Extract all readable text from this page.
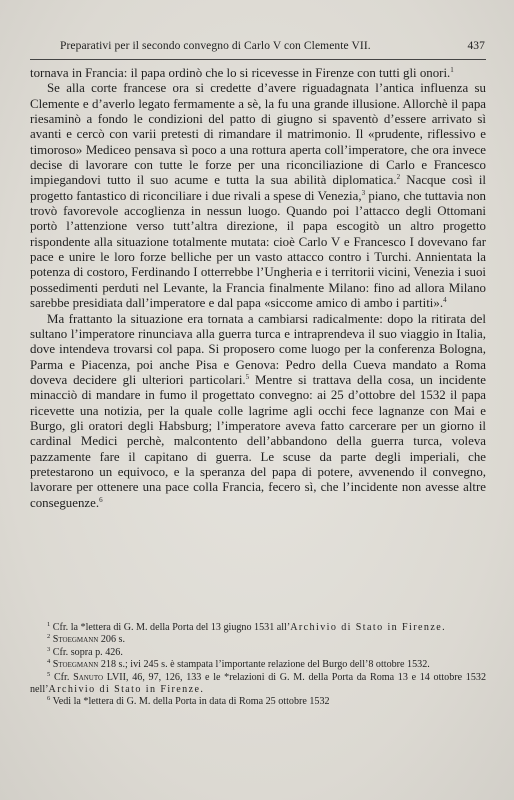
Preparativi per il secondo convegno di Carlo V con Clemente VII.	437

tornava in Francia: il papa ordinò che lo si ricevesse in Firenze con tutti gli onori.$^1$

Se alla corte francese ora si credette d’avere riguadagnata l’antica influenza su Clemente e d’averlo legato fermamente a sè, la fu una grande illusione. Allorchè il papa riesaminò a fondo le condizioni del patto di giugno si spaventò d’essere arrivato sì avanti e cercò con varii pretesti di rimandare il matrimonio. Il «prudente, riflessivo e timoroso» Mediceo pensava sì poco a una rottura aperta coll’imperatore, che ora invece decise di lavorare con tutte le forze per una riconciliazione di Carlo e Francesco impiegandovi tutto il suo acume e tutta la sua abilità diplomatica.$^2$ Nacque così il progetto fantastico di riconciliare i due rivali a spese di Venezia,$^3$ piano, che tuttavia non trovò favorevole accoglienza in nessun luogo. Quando poi l’attacco degli Ottomani portò l’attenzione verso tutt’altra direzione, il papa escogitò un altro progetto rispondente alla situazione totalmente mutata: cioè Carlo V e Francesco I dovevano far pace e unire le loro forze belliche per un vasto attacco contro i Turchi. Annientata la potenza di costoro, Ferdinando I otterrebbe l’Ungheria e i territorii vicini, Venezia i suoi possedimenti perduti nel Levante, la Francia finalmente Milano: fino ad allora Milano sarebbe presidiata dall’imperatore e dal papa «siccome amico di ambo i partiti».$^4$

Ma frattanto la situazione era tornata a cambiarsi radicalmente: dopo la ritirata del sultano l’imperatore rinunciava alla guerra turca e intraprendeva il suo viaggio in Italia, dove intendeva trovarsi col papa. Si proposero come luogo per la conferenza Bologna, Parma e Piacenza, poi anche Pisa e Genova: Pedro della Cueva mandato a Roma doveva decidere gli ulteriori particolari.$^5$ Mentre si trattava della cosa, un incidente minacciò di mandare in fumo il progettato convegno: ai 25 d’ottobre del 1532 il papa ricevette una notizia, per la quale colle lagrime agli occhi fece lagnanze con Mai e Burgo, gli oratori degli Habsburg; l’imperatore aveva fatto carcerare per un giorno il cardinal Medici perchè, malcontento dell’abbandono della guerra turca, voleva pazzamente fare il capitano di guerra. Le scuse da parte degli imperiali, che pretestarono un equivoco, e la speranza del papa di potere, avvenendo il convegno, lavorare per ottenere una pace colla Francia, fecero sì, che l’incidente non avesse altre conseguenze.$^6$

$^1$ Cfr. la *lettera di G. M. della Porta del 13 giugno 1531 all’Archivio di Stato in Firenze.

$^2$ Stoegmann 206 s.

$^3$ Cfr. sopra p. 426.

$^4$ Stoegmann 218 s.; ivi 245 s. è stampata l’importante relazione del Burgo dell’8 ottobre 1532.

$^5$ Cfr. Sanuto LVII, 46, 97, 126, 133 e le *relazioni di G. M. della Porta da Roma 13 e 14 ottobre 1532 nell’Archivio di Stato in Firenze.

$^6$ Vedi la *lettera di G. M. della Porta in data di Roma 25 ottobre 1532
